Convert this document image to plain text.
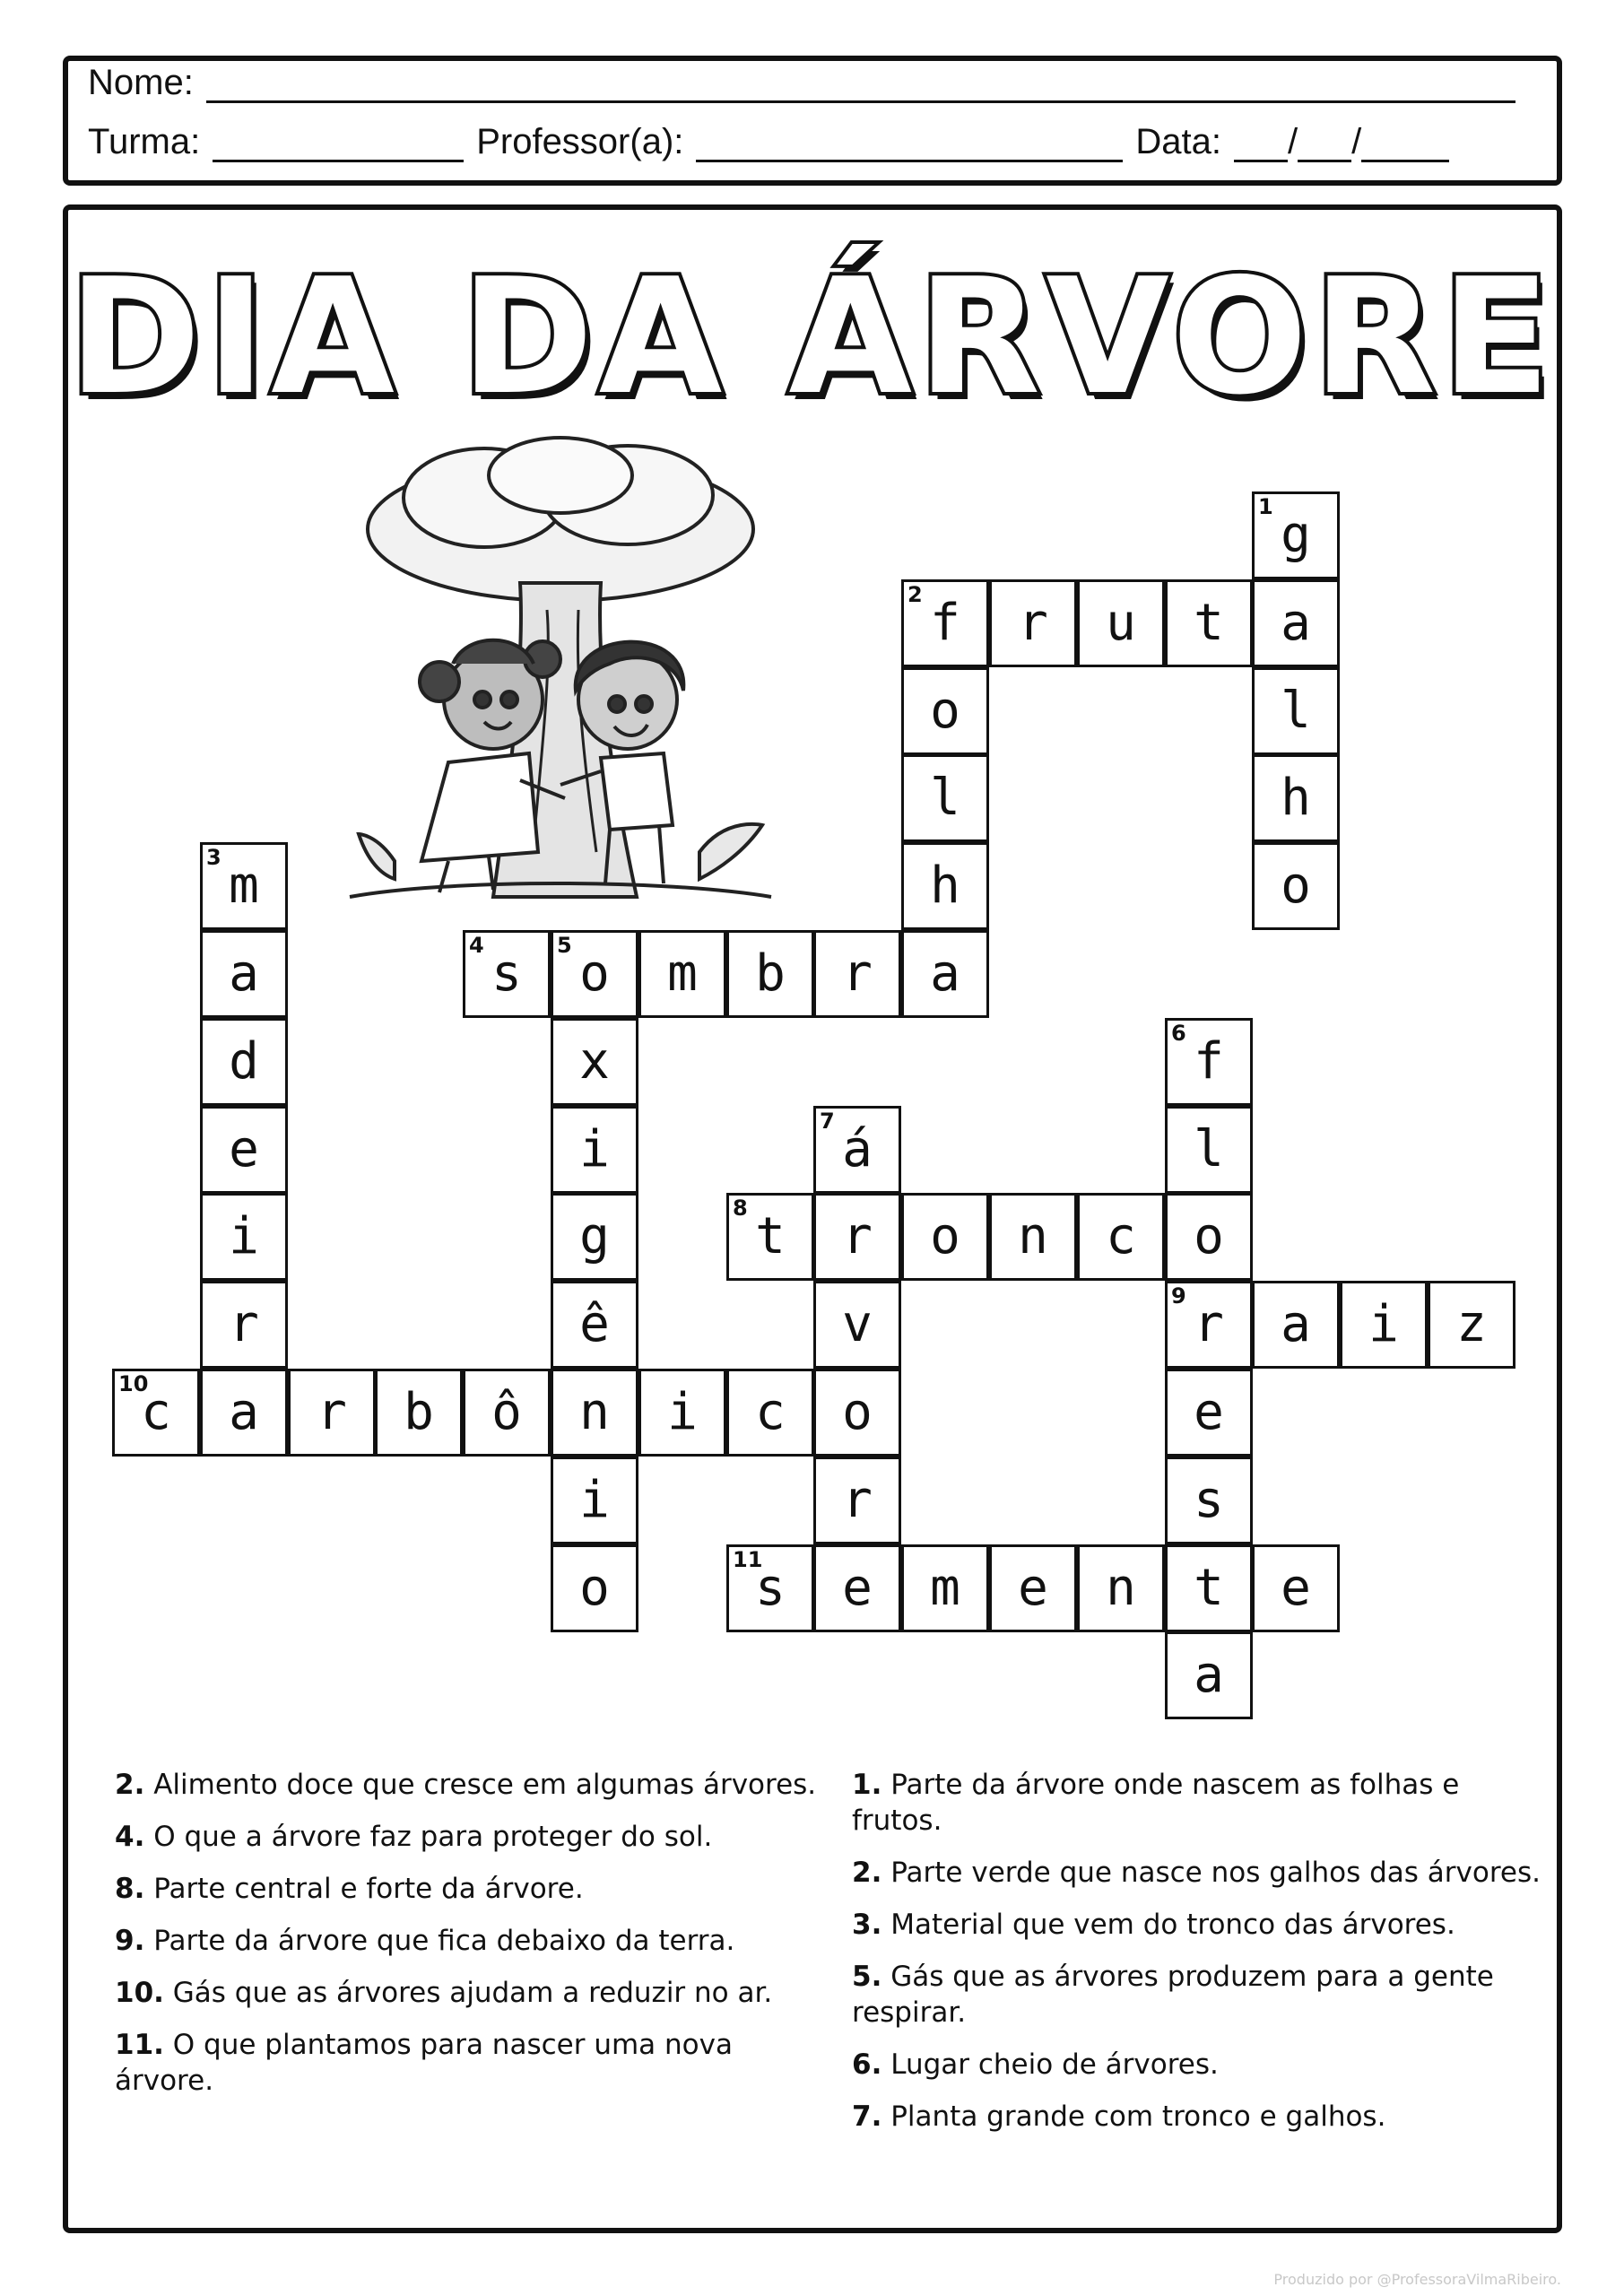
Nome:
Turma:	Professor(a):	Data: / /
DIA DA ÁRVORE
g
1
a
l
h
o
f
2 r u t
o
l
h
a
m
3
a
d
e
i
r
a
s
4 o
5 m b r
x
i
g
ê
n
i
o
f
6
l
o
r
9
e
s
t
a
á
7
r
v
o
r
e
t
8	o n c
a i z
c
10	r b ô	i c
s
11	m e n	e
2. Alimento doce que cresce em algumas árvores.
4. O que a árvore faz para proteger do sol.
8. Parte central e forte da árvore.
9. Parte da árvore que fica debaixo da terra.
10. Gás que as árvores ajudam a reduzir no ar.
11. O que plantamos para nascer uma nova árvore.
1. Parte da árvore onde nascem as folhas e frutos.
2. Parte verde que nasce nos galhos das árvores.
3. Material que vem do tronco das árvores.
5. Gás que as árvores produzem para a gente respirar.
6. Lugar cheio de árvores.
7. Planta grande com tronco e galhos.
Produzido por @ProfessoraVilmaRibeiro.
